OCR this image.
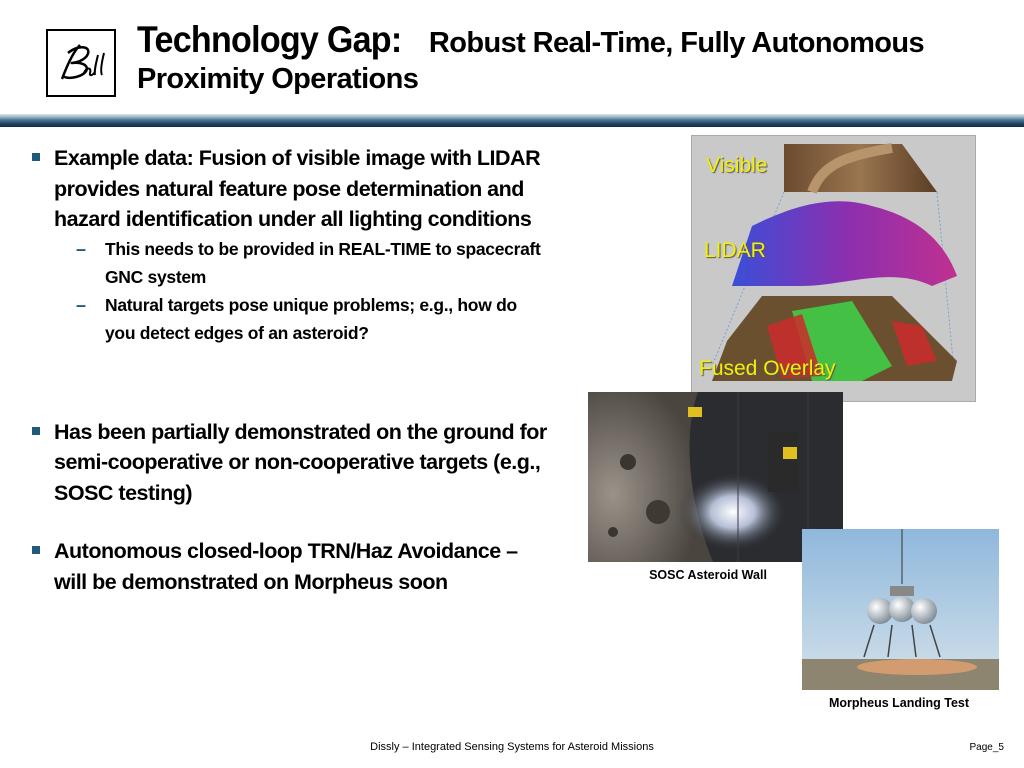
Technology Gap: Robust Real-Time, Fully Autonomous
Proximity Operations
Example data: Fusion of visible image with LIDAR provides natural feature pose determination and hazard identification under all lighting conditions
– This needs to be provided in REAL-TIME to spacecraft GNC system
– Natural targets pose unique problems; e.g., how do you detect edges of an asteroid?
Has been partially demonstrated on the ground for semi-cooperative or non-cooperative targets (e.g., SOSC testing)
Autonomous closed-loop TRN/Haz Avoidance – will be demonstrated on Morpheus soon
Visible
LIDAR
Fused Overlay
SOSC Asteroid Wall
Morpheus Landing Test
Dissly – Integrated Sensing Systems for Asteroid Missions	Page_5
